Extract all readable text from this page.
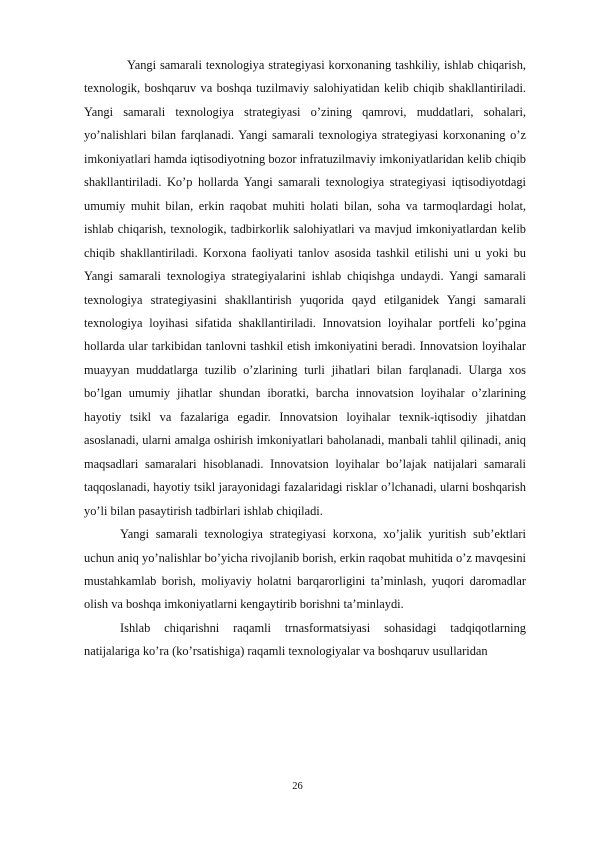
Yangi samarali texnologiya strategiyasi korxonaning tashkiliy, ishlab chiqarish, texnologik, boshqaruv va boshqa tuzilmaviy salohiyatidan kelib chiqib shakllantiriladi. Yangi samarali texnologiya strategiyasi o’zining qamrovi, muddatlari, sohalari, yo’nalishlari bilan farqlanadi. Yangi samarali texnologiya strategiyasi korxonaning o’z imkoniyatlari hamda iqtisodiyotning bozor infratuzilmaviy imkoniyatlaridan kelib chiqib shakllantiriladi. Ko’p hollarda Yangi samarali texnologiya strategiyasi iqtisodiyotdagi umumiy muhit bilan, erkin raqobat muhiti holati bilan, soha va tarmoqlardagi holat, ishlab chiqarish, texnologik, tadbirkorlik salohiyatlari va mavjud imkoniyatlardan kelib chiqib shakllantiriladi. Korxona faoliyati tanlov asosida tashkil etilishi uni u yoki bu Yangi samarali texnologiya strategiyalarini ishlab chiqishga undaydi. Yangi samarali texnologiya strategiyasini shakllantirish yuqorida qayd etilganidek Yangi samarali texnologiya loyihasi sifatida shakllantiriladi. Innovatsion loyihalar portfeli ko’pgina hollarda ular tarkibidan tanlovni tashkil etish imkoniyatini beradi. Innovatsion loyihalar muayyan muddatlarga tuzilib o’zlarining turli jihatlari bilan farqlanadi. Ularga xos bo’lgan umumiy jihatlar shundan iboratki, barcha innovatsion loyihalar o’zlarining hayotiy tsikl va fazalariga egadir. Innovatsion loyihalar texnik-iqtisodiy jihatdan asoslanadi, ularni amalga oshirish imkoniyatlari baholanadi, manbali tahlil qilinadi, aniq maqsadlari samaralari hisoblanadi. Innovatsion loyihalar bo’lajak natijalari samarali taqqoslanadi, hayotiy tsikl jarayonidagi fazalaridagi risklar o’lchanadi, ularni boshqarish yo’li bilan pasaytirish tadbirlari ishlab chiqiladi.

Yangi samarali texnologiya strategiyasi korxona, xo’jalik yuritish sub’ektlari uchun aniq yo’nalishlar bo’yicha rivojlanib borish, erkin raqobat muhitida o’z mavqesini mustahkamlab borish, moliyaviy holatni barqarorligini ta’minlash, yuqori daromadlar olish va boshqa imkoniyatlarni kengaytirib borishni ta’minlaydi.

Ishlab chiqarishni raqamli trnasformatsiyasi sohasidagi tadqiqotlarning natijalariga ko’ra (ko’rsatishiga) raqamli texnologiyalar va boshqaruv usullaridan

26
